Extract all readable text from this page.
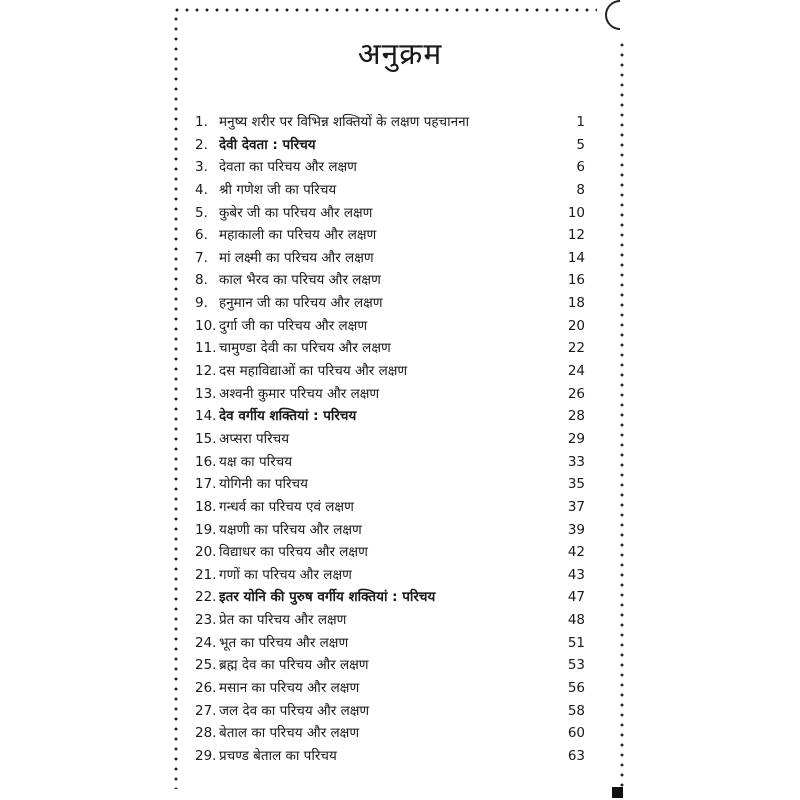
अनुक्रम
1. मनुष्य शरीर पर विभिन्न शक्तियों के लक्षण पहचानना	1
2. देवी देवता : परिचय	5
3. देवता का परिचय और लक्षण	6
4. श्री गणेश जी का परिचय	8
5. कुबेर जी का परिचय और लक्षण	10
6. महाकाली का परिचय और लक्षण	12
7. मां लक्ष्मी का परिचय और लक्षण	14
8. काल भैरव का परिचय और लक्षण	16
9. हनुमान जी का परिचय और लक्षण	18
10. दुर्गा जी का परिचय और लक्षण	20
11. चामुण्डा देवी का परिचय और लक्षण	22
12. दस महाविद्याओं का परिचय और लक्षण	24
13. अश्वनी कुमार परिचय और लक्षण	26
14. देव वर्गीय शक्तियां : परिचय	28
15. अप्सरा परिचय	29
16. यक्ष का परिचय	33
17. योगिनी का परिचय	35
18. गन्धर्व का परिचय एवं लक्षण	37
19. यक्षणी का परिचय और लक्षण	39
20. विद्याधर का परिचय और लक्षण	42
21. गणों का परिचय और लक्षण	43
22. इतर योनि की पुरुष वर्गीय शक्तियां : परिचय	47
23. प्रेत का परिचय और लक्षण	48
24. भूत का परिचय और लक्षण	51
25. ब्रह्म देव का परिचय और लक्षण	53
26. मसान का परिचय और लक्षण	56
27. जल देव का परिचय और लक्षण	58
28. बेताल का परिचय और लक्षण	60
29. प्रचण्ड बेताल का परिचय	63
